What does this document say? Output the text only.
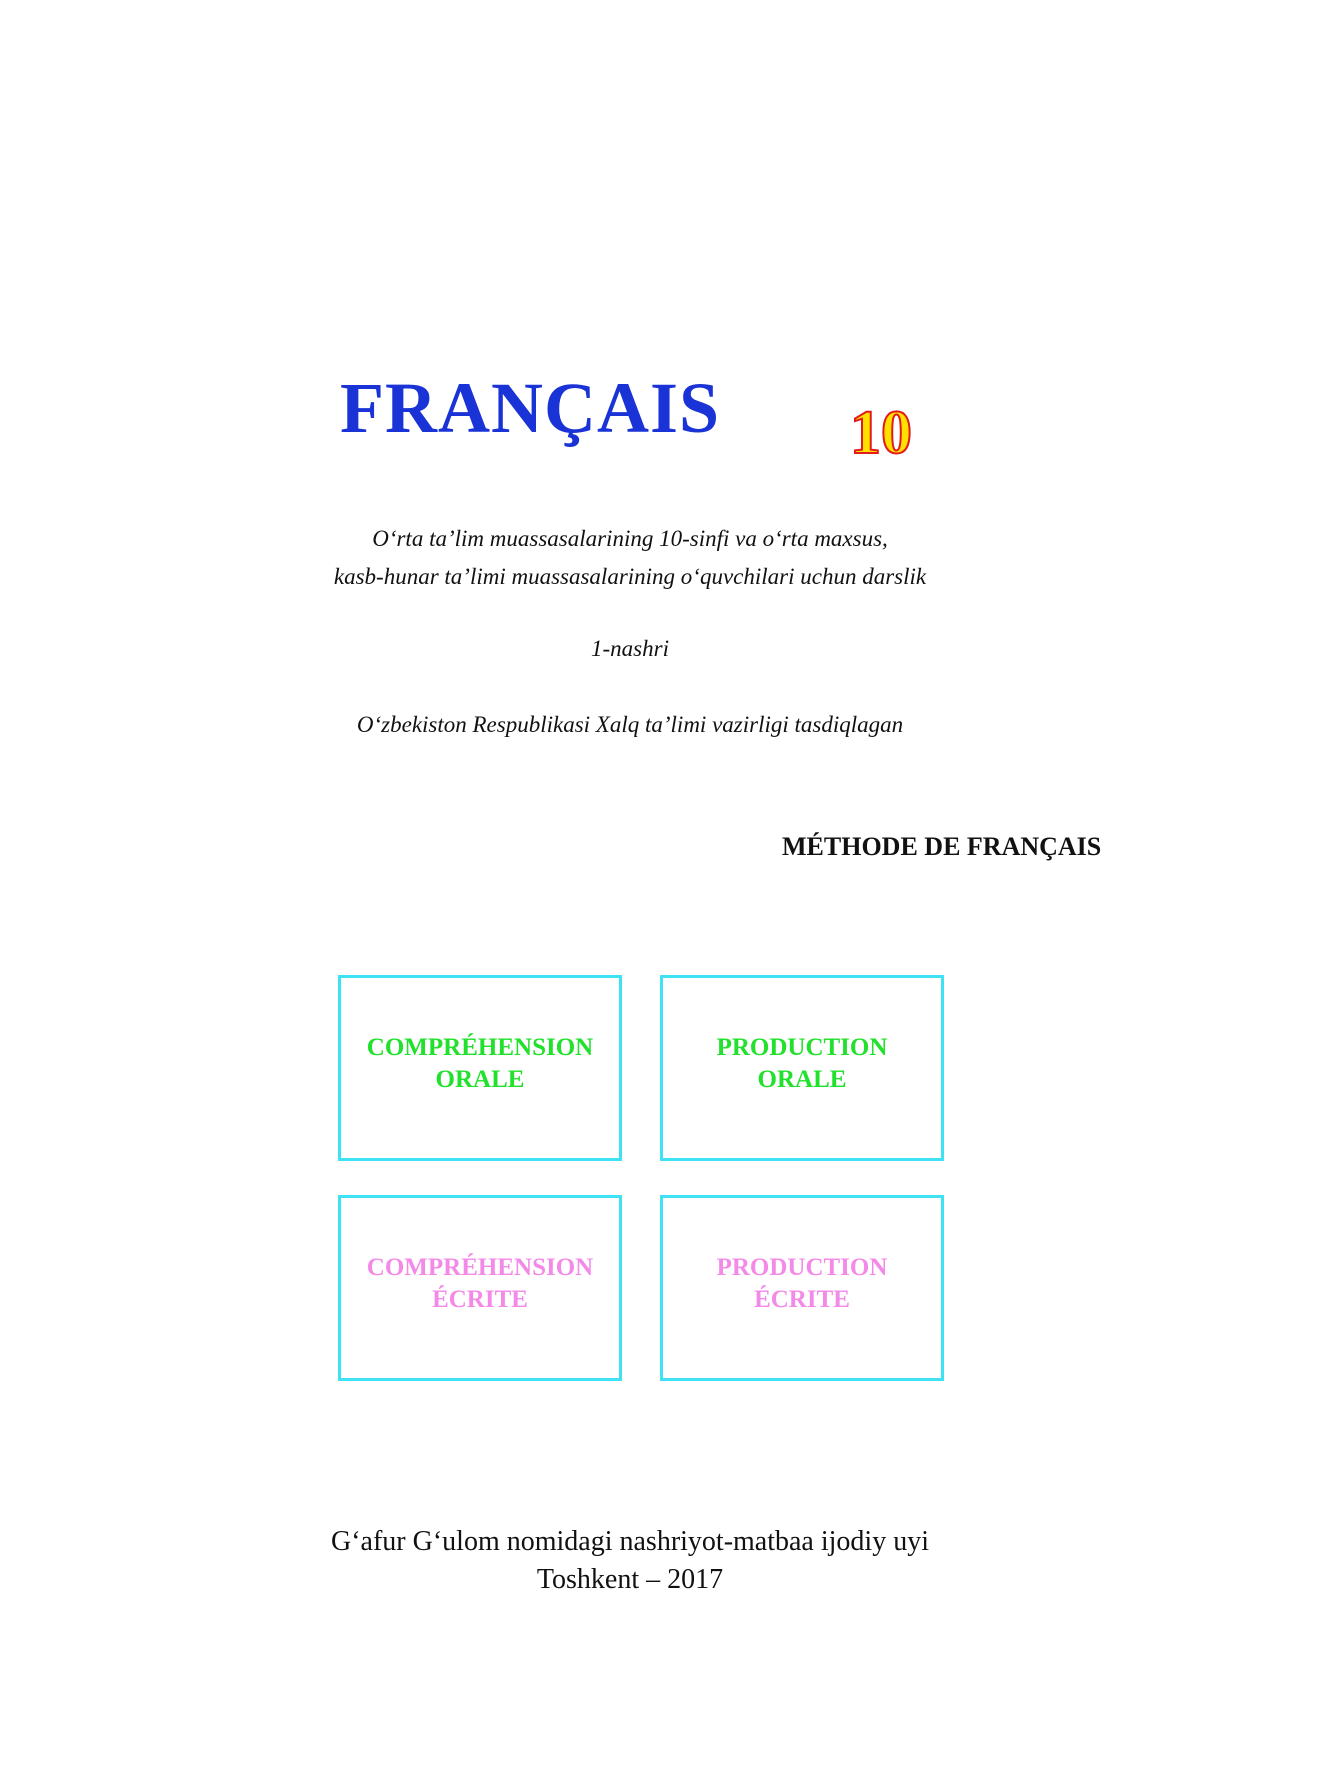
FRANÇAIS 10
O‘rta ta’lim muassasalarining 10-sinfi va o‘rta maxsus,
kasb-hunar ta’limi muassasalarining o‘quvchilari uchun darslik
1-nashri
O‘zbekiston Respublikasi Xalq ta’limi vazirligi tasdiqlagan
MÉTHODE DE FRANÇAIS
COMPRÉHENSION
ORALE
PRODUCTION
ORALE
COMPRÉHENSION
ÉCRITE
PRODUCTION
ÉCRITE
G‘afur G‘ulom nomidagi nashriyot-matbaa ijodiy uyi
Toshkent – 2017
